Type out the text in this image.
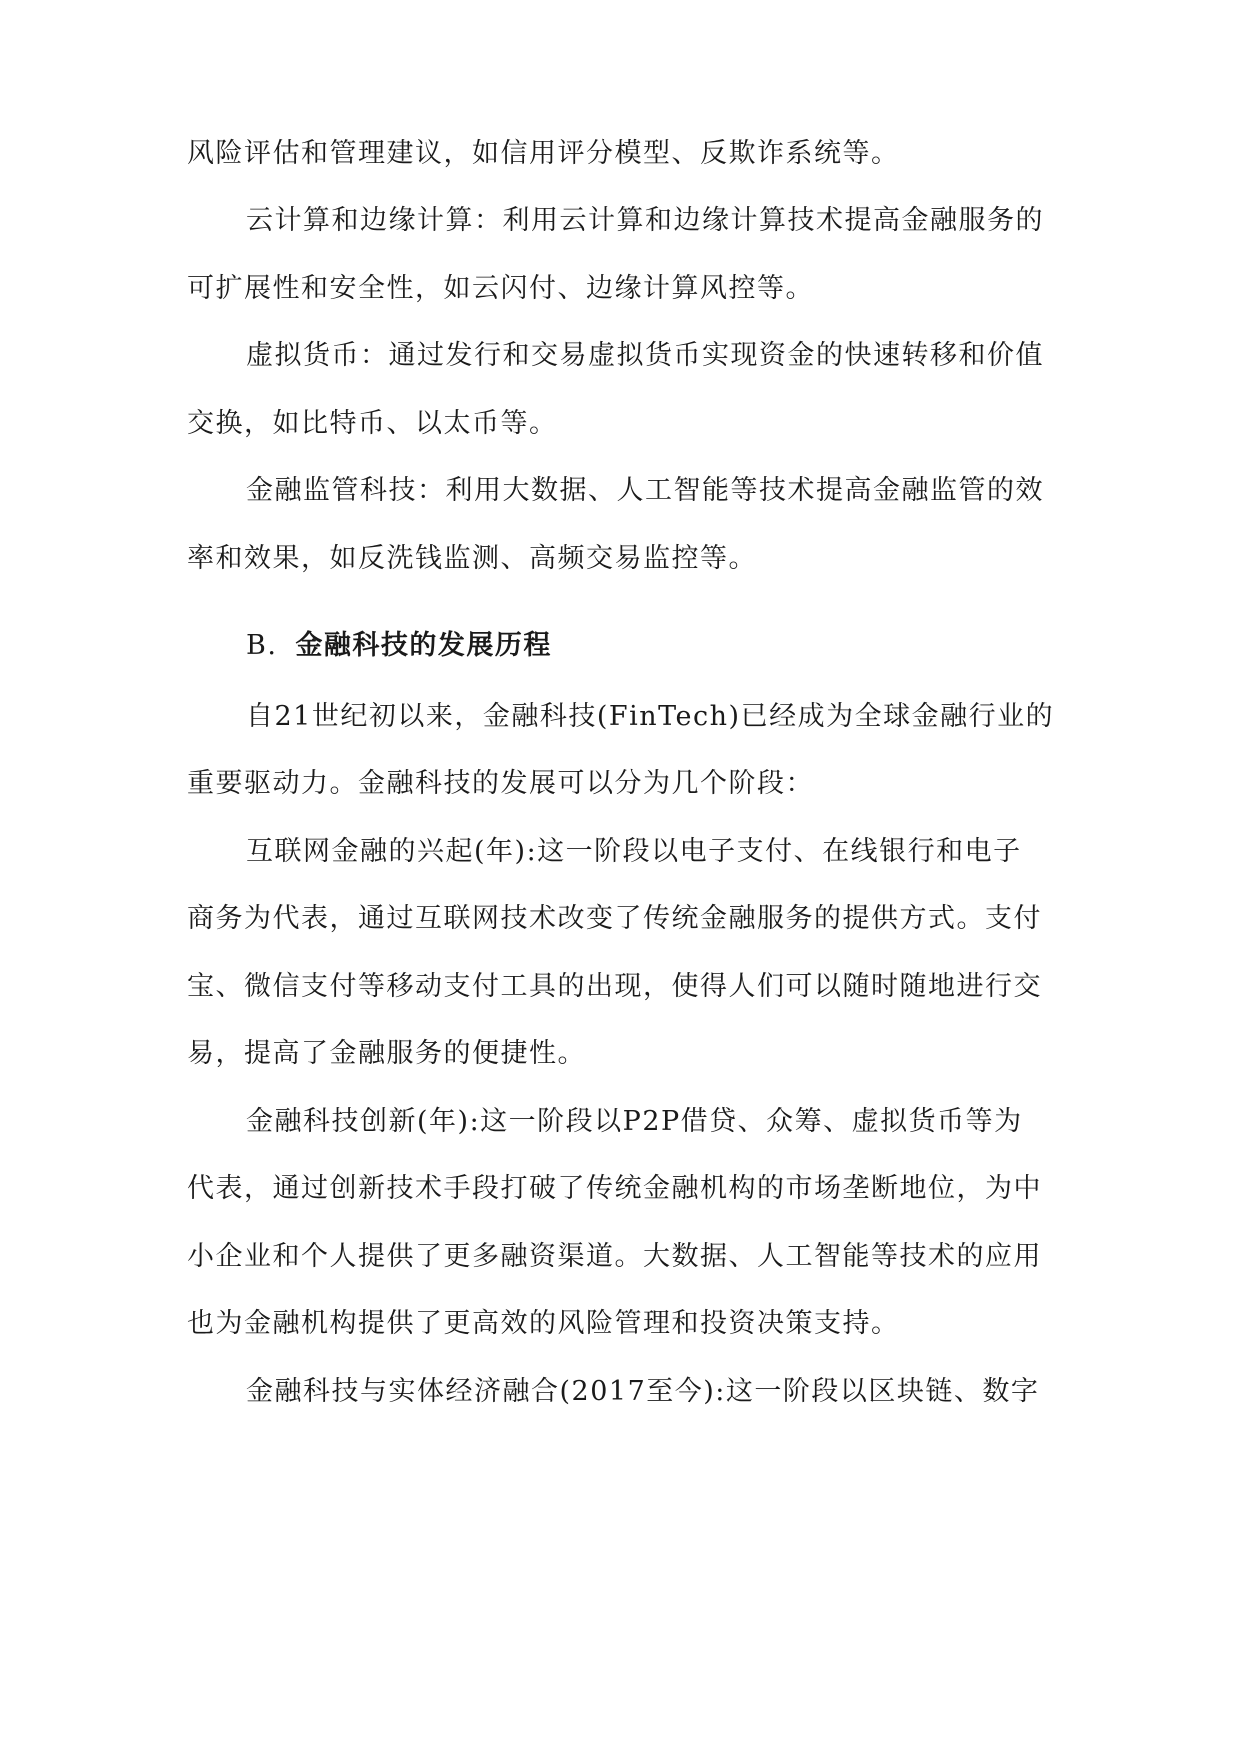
风险评估和管理建议，如信用评分模型、反欺诈系统等。
云计算和边缘计算：利用云计算和边缘计算技术提高金融服务的
可扩展性和安全性，如云闪付、边缘计算风控等。
虚拟货币：通过发行和交易虚拟货币实现资金的快速转移和价值
交换，如比特币、以太币等。
金融监管科技：利用大数据、人工智能等技术提高金融监管的效
率和效果，如反洗钱监测、高频交易监控等。
B. 金融科技的发展历程
自21世纪初以来，金融科技(FinTech)已经成为全球金融行业的
重要驱动力。金融科技的发展可以分为几个阶段：
互联网金融的兴起(年):这一阶段以电子支付、在线银行和电子
商务为代表，通过互联网技术改变了传统金融服务的提供方式。支付
宝、微信支付等移动支付工具的出现，使得人们可以随时随地进行交
易，提高了金融服务的便捷性。
金融科技创新(年):这一阶段以P2P借贷、众筹、虚拟货币等为
代表，通过创新技术手段打破了传统金融机构的市场垄断地位，为中
小企业和个人提供了更多融资渠道。大数据、人工智能等技术的应用
也为金融机构提供了更高效的风险管理和投资决策支持。
金融科技与实体经济融合(2017至今):这一阶段以区块链、数字
